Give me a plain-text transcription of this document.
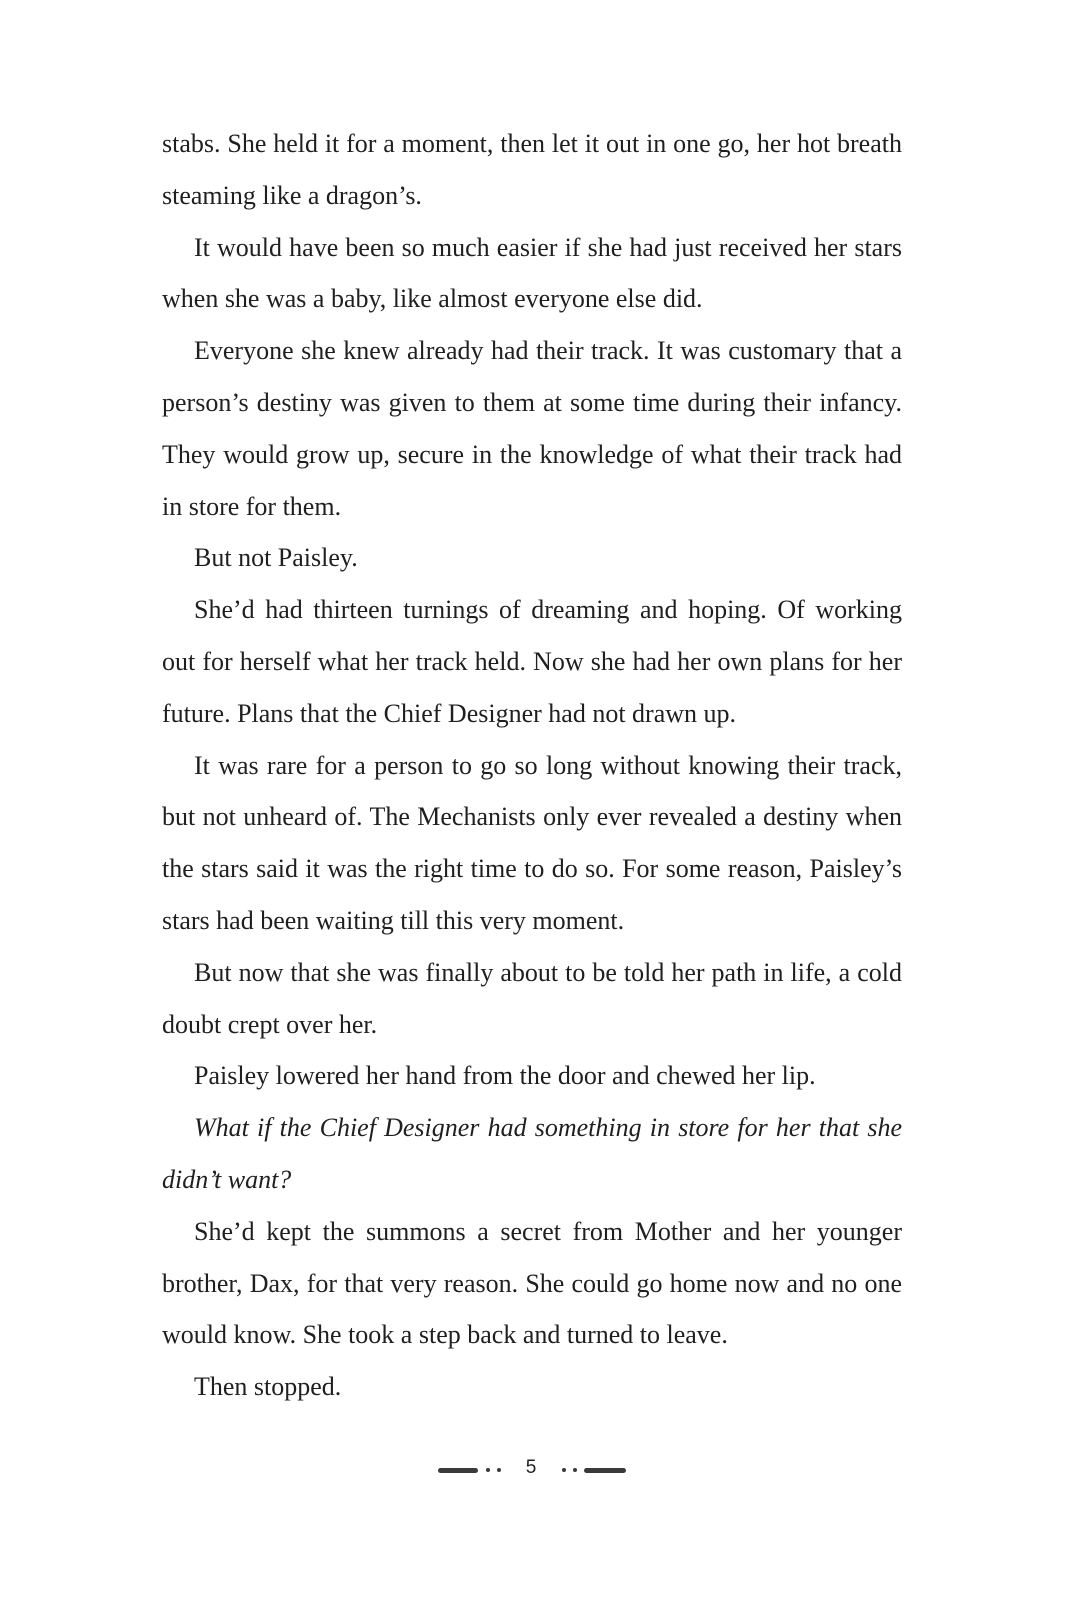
stabs. She held it for a moment, then let it out in one go, her hot breath steaming like a dragon’s.

It would have been so much easier if she had just received her stars when she was a baby, like almost everyone else did.

Everyone she knew already had their track. It was customary that a person’s destiny was given to them at some time during their infancy. They would grow up, secure in the knowledge of what their track had in store for them.

But not Paisley.

She’d had thirteen turnings of dreaming and hoping. Of working out for herself what her track held. Now she had her own plans for her future. Plans that the Chief Designer had not drawn up.

It was rare for a person to go so long without knowing their track, but not unheard of. The Mechanists only ever revealed a destiny when the stars said it was the right time to do so. For some reason, Paisley’s stars had been waiting till this very moment.

But now that she was finally about to be told her path in life, a cold doubt crept over her.

Paisley lowered her hand from the door and chewed her lip.

What if the Chief Designer had something in store for her that she didn’t want?

She’d kept the summons a secret from Mother and her younger brother, Dax, for that very reason. She could go home now and no one would know. She took a step back and turned to leave.

Then stopped.

5
